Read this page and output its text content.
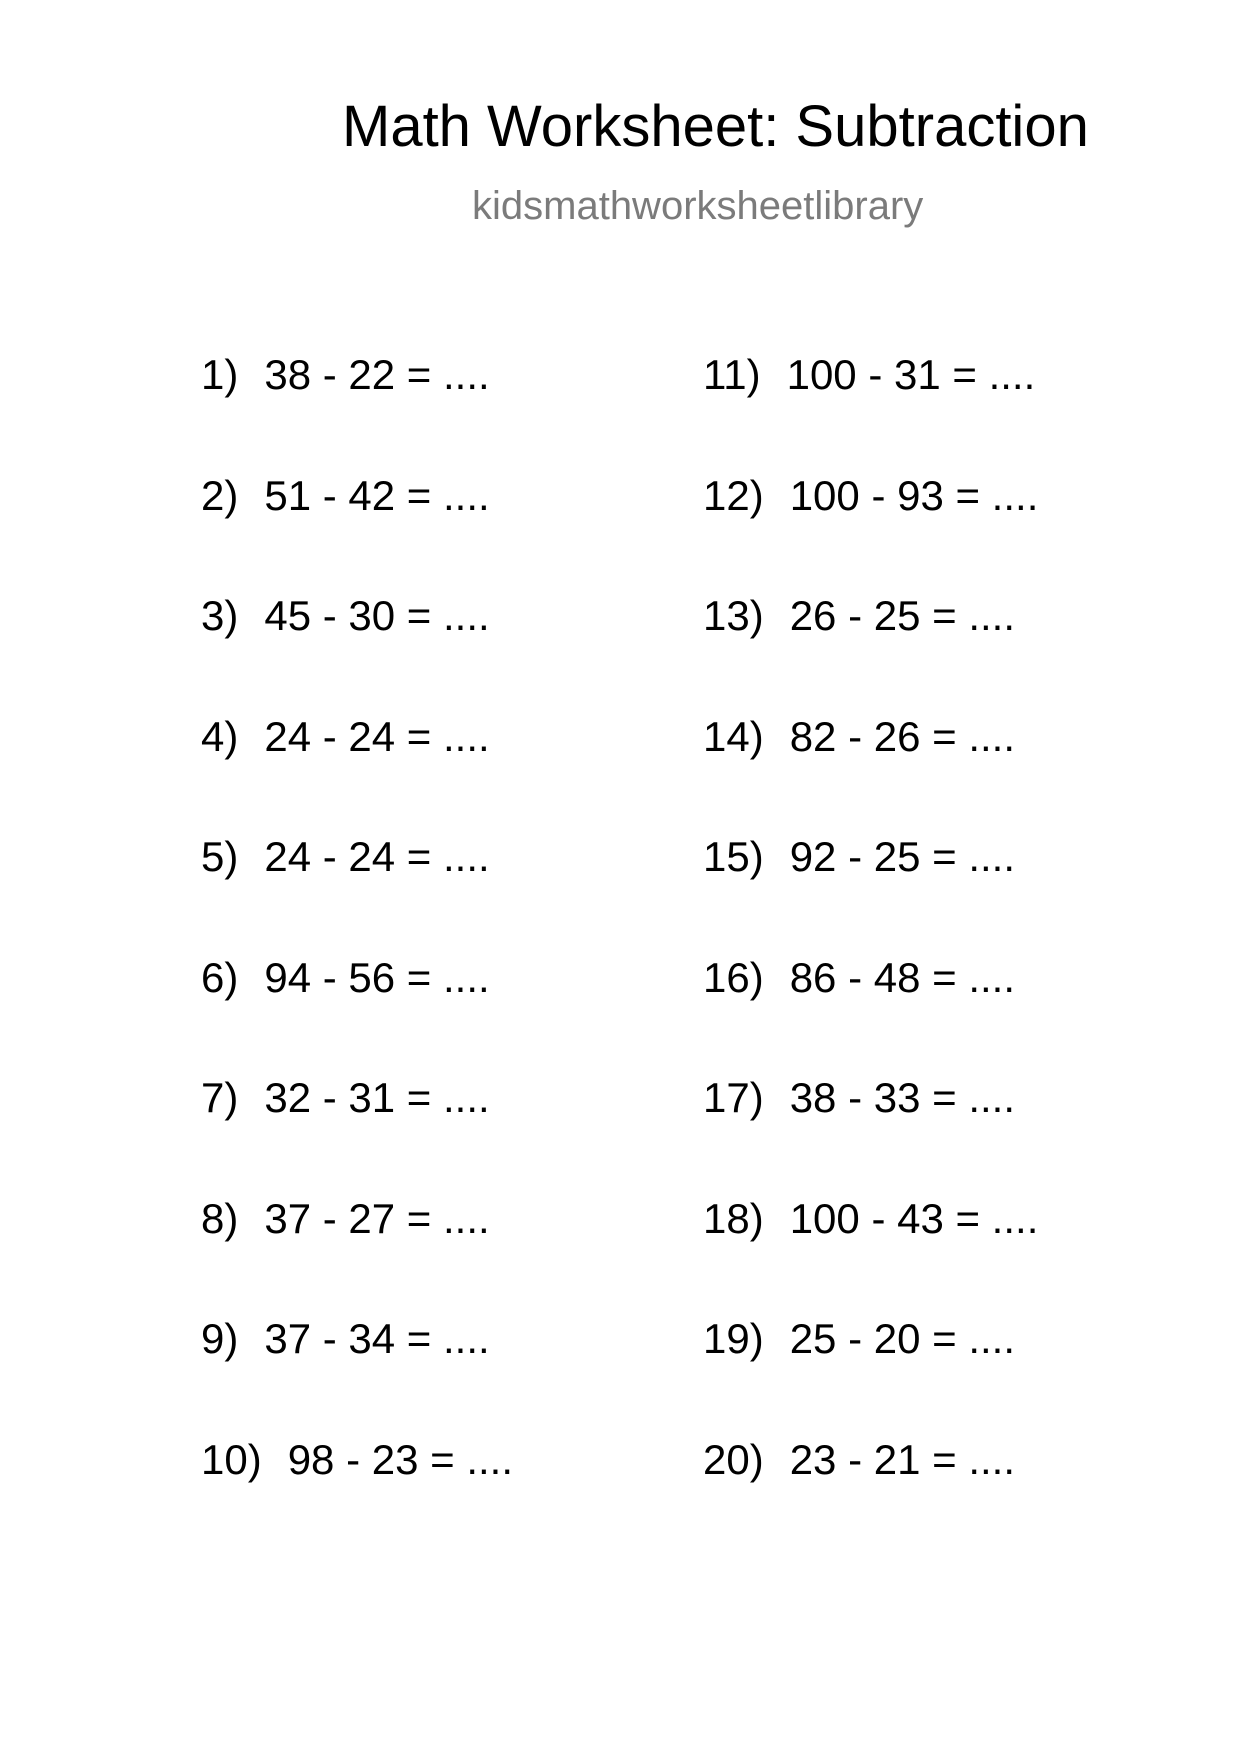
Math Worksheet: Subtraction
kidsmathworksheetlibrary
1) 38 - 22 = ....
2) 51 - 42 = ....
3) 45 - 30 = ....
4) 24 - 24 = ....
5) 24 - 24 = ....
6) 94 - 56 = ....
7) 32 - 31 = ....
8) 37 - 27 = ....
9) 37 - 34 = ....
10) 98 - 23 = ....
11) 100 - 31 = ....
12) 100 - 93 = ....
13) 26 - 25 = ....
14) 82 - 26 = ....
15) 92 - 25 = ....
16) 86 - 48 = ....
17) 38 - 33 = ....
18) 100 - 43 = ....
19) 25 - 20 = ....
20) 23 - 21 = ....
